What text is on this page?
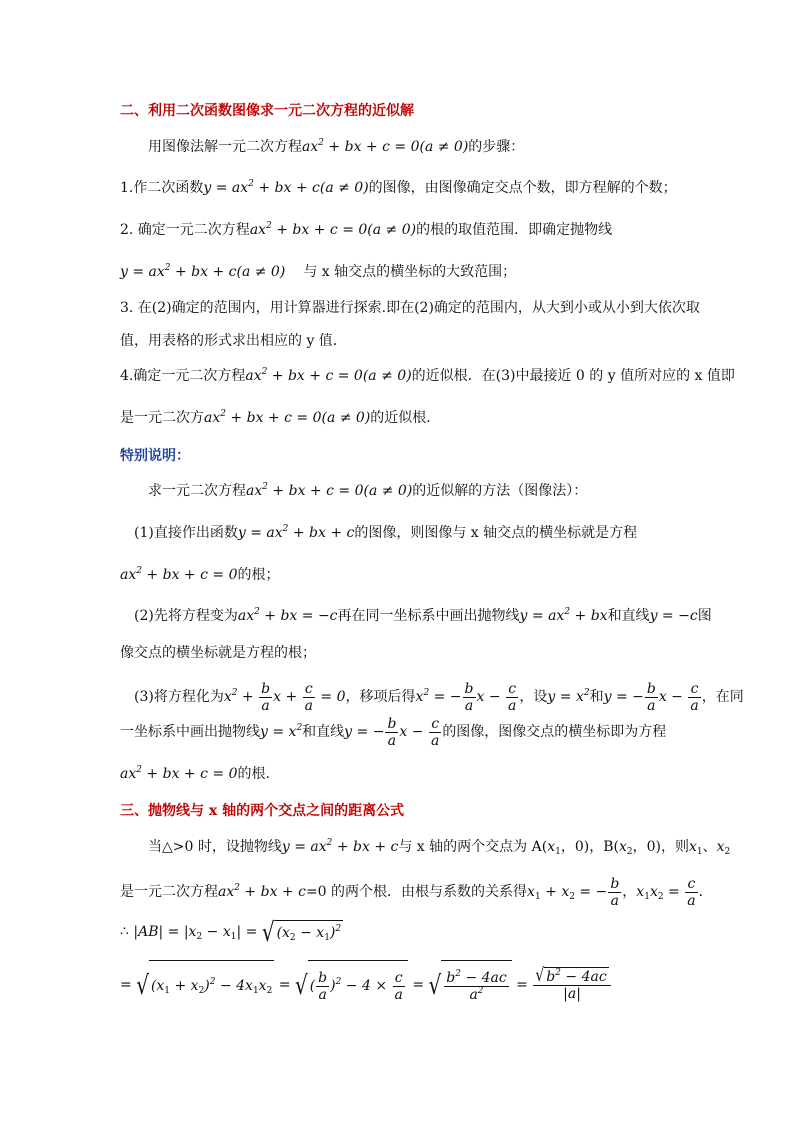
二、利用二次函数图像求一元二次方程的近似解
用图像法解一元二次方程$ax^2$ + bx + c = 0(a ≠ 0)的步骤：
1.作二次函数$y = ax^2$ + bx + c(a ≠ 0)的图像，由图像确定交点个数，即方程解的个数；
2. 确定一元二次方程$ax^2$ + bx + c = 0(a ≠ 0)的根的取值范围．即确定抛物线
$y = ax^2$ + bx + c(a ≠ 0) 与 x 轴交点的横坐标的大致范围；
3. 在(2)确定的范围内，用计算器进行探索.即在(2)确定的范围内，从大到小或从小到大依次取
值，用表格的形式求出相应的 y 值．
4.确定一元二次方程$ax^2$ + bx + c = 0(a ≠ 0)的近似根．在(3)中最接近 0 的 y 值所对应的 x 值即
是一元二次方$ax^2$ + bx + c = 0(a ≠ 0)的近似根．
特别说明：
求一元二次方程$ax^2$ + bx + c = 0(a ≠ 0)的近似解的方法（图像法）：
(1)直接作出函数$y = ax^2$ + bx + c的图像，则图像与 x 轴交点的横坐标就是方程
$ax^2$ + bx + c = 0的根；
(2)先将方程变为$ax^2$ + bx = −c再在同一坐标系中画出抛物线$y = ax^2$ + bx和直线y = −c图
像交点的横坐标就是方程的根；
(3)将方程化为$x^2 + \frac{b}{a}$ $x + \frac{c}{a} = 0$，移项后得$x^2$ = − $\frac{b}{a}$ $x - \frac{c}{a}$ ，设$y = x^2$和y = − $\frac{b}{a}$ $x - \frac{c}{a}$ ，在同
一坐标系中画出抛物线$y = x^2$和直线y = − $\frac{b}{a}$ $x - \frac{c}{a}$ 的图像，图像交点的横坐标即为方程
$ax^2$ + bx + c = 0的根.
三、抛物线与 x 轴的两个交点之间的距离公式
当△>0 时，设抛物线$y = ax^2$ + bx + c与 x 轴的两个交点为 $A(x_1$，0)，$B(x_2$，0)，则$x_1$、$x_2$
是一元二次方程$ax^2$ + bx + c=0 的两个根．由根与系数的关系得$x_1 + x_2$ = − $\frac{b}{a}$ ，$x_1x_2 = \frac{c}{a}$ ．
∴ $|AB| = |x_2 - x_1|$ = √ $(x_2 - x_1)^2$
= √ $(x_1 + x_2)^2 - 4x_1x_2$ = √ ( $\frac{b}{a} )^2 - 4 \times \frac{c}{a}$ = √ $\frac{b^2 - 4ac}{a^2} = \frac{√ b^2 - 4ac}{|a|}$
